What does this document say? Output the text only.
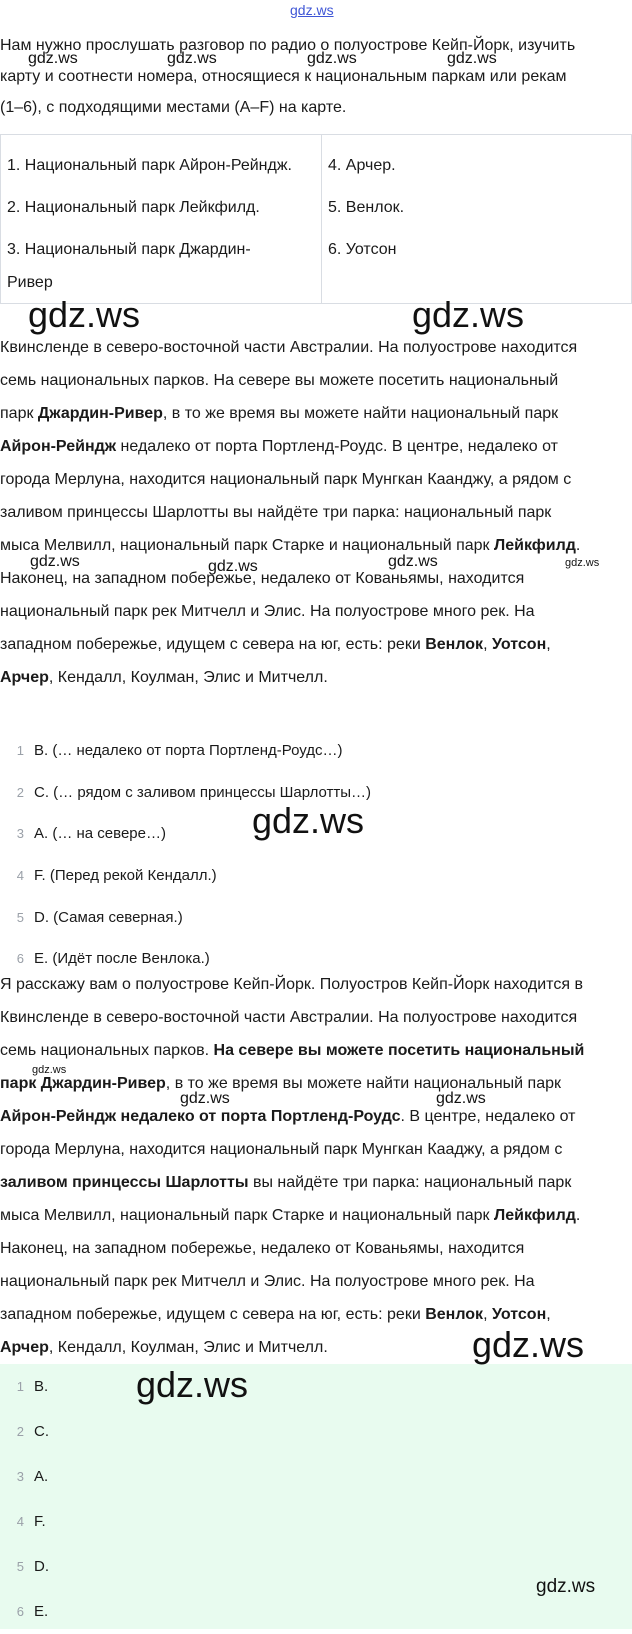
gdz.ws
gdz.ws	gdz.ws	gdz.ws	gdz.ws
gdz.ws	gdz.ws
gdz.ws	gdz.ws	gdz.ws	gdz.ws
gdz.ws
gdz.ws
gdz.ws	gdz.ws
gdz.ws
gdz.ws
gdz.ws
Нам нужно прослушать разговор по радио о полуострове Кейп-Йорк, изучить
карту и соотнести номера, относящиеся к национальным паркам или рекам
(1–6), с подходящими местами (A–F) на карте.
1. Национальный парк Айрон-Рейндж.
2. Национальный парк Лейкфилд.
3. Национальный парк Джардин-
Ривер

4. Арчер.
5. Венлок.
6. Уотсон
Квинсленде в северо-восточной части Австралии. На полуострове находится
семь национальных парков. На севере вы можете посетить национальный
парк Джардин-Ривер, в то же время вы можете найти национальный парк
Айрон-Рейндж недалеко от порта Портленд-Роудс. В центре, недалеко от
города Мерлуна, находится национальный парк Мунгкан Каанджу, а рядом с
заливом принцессы Шарлотты вы найдёте три парка: национальный парк
мыса Мелвилл, национальный парк Старке и национальный парк Лейкфилд.
Наконец, на западном побережье, недалеко от Кованьямы, находится
национальный парк рек Митчелл и Элис. На полуострове много рек. На
западном побережье, идущем с севера на юг, есть: реки Венлок, Уотсон,
Арчер, Кендалл, Коулман, Элис и Митчелл.
1 B. (… недалеко от порта Портленд-Роудс…)
2 C. (… рядом с заливом принцессы Шарлотты…)
3 A. (… на севере…)
4 F. (Перед рекой Кендалл.)
5 D. (Самая северная.)
6 E. (Идёт после Венлока.)
Я расскажу вам о полуострове Кейп-Йорк. Полуостров Кейп-Йорк находится в
Квинсленде в северо-восточной части Австралии. На полуострове находится
семь национальных парков. На севере вы можете посетить национальный
парк Джардин-Ривер, в то же время вы можете найти национальный парк
Айрон-Рейндж недалеко от порта Портленд-Роудс. В центре, недалеко от
города Мерлуна, находится национальный парк Мунгкан Кааджу, а рядом с
заливом принцессы Шарлотты вы найдёте три парка: национальный парк
мыса Мелвилл, национальный парк Старке и национальный парк Лейкфилд.
Наконец, на западном побережье, недалеко от Кованьямы, находится
национальный парк рек Митчелл и Элис. На полуострове много рек. На
западном побережье, идущем с севера на юг, есть: реки Венлок, Уотсон,
Арчер, Кендалл, Коулман, Элис и Митчелл.
1 B.
2 C.
3 A.
4 F.
5 D.
6 E.
